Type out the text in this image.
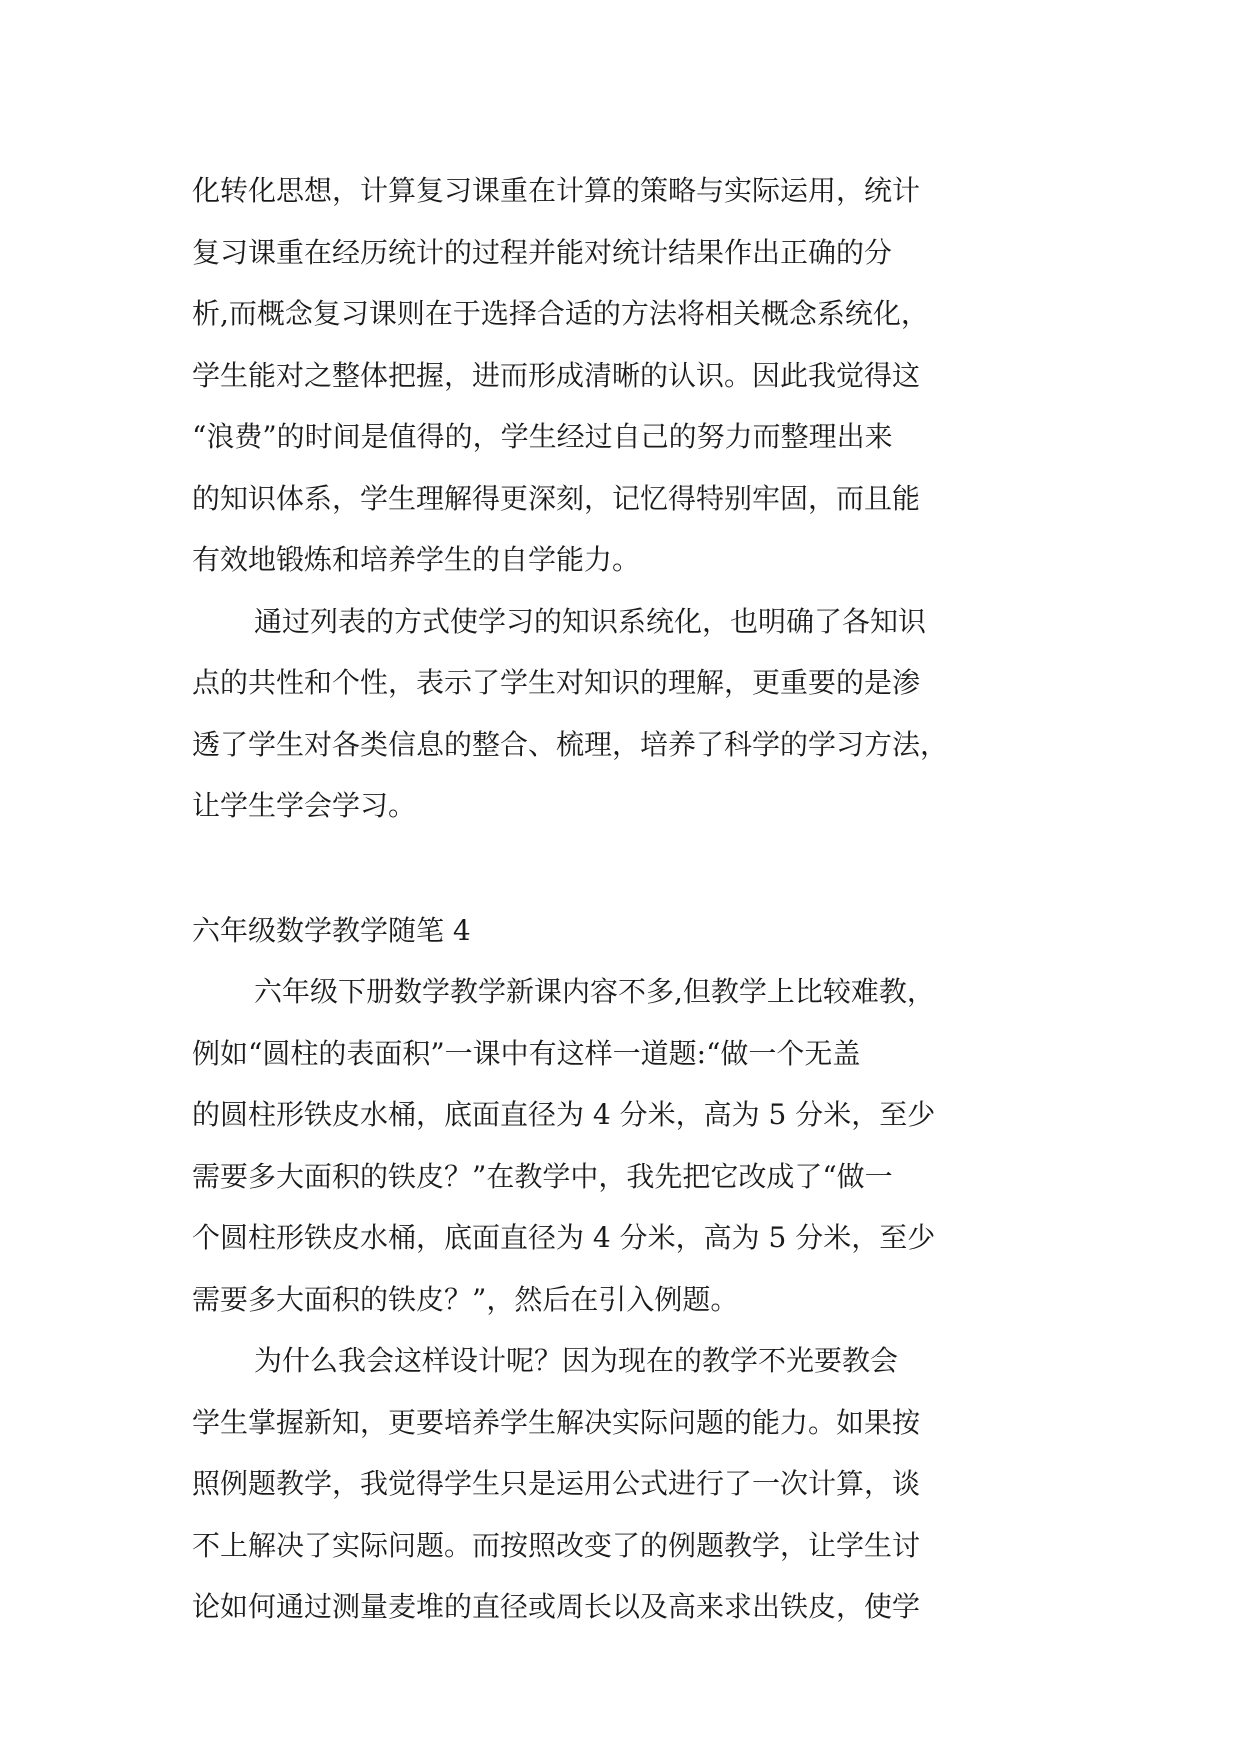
化转化思想，计算复习课重在计算的策略与实际运用，统计
复习课重在经历统计的过程并能对统计结果作出正确的分
析,而概念复习课则在于选择合适的方法将相关概念系统化，
学生能对之整体把握，进而形成清晰的认识。因此我觉得这
“浪费”的时间是值得的，学生经过自己的努力而整理出来
的知识体系，学生理解得更深刻，记忆得特别牢固，而且能
有效地锻炼和培养学生的自学能力。
通过列表的方式使学习的知识系统化，也明确了各知识
点的共性和个性，表示了学生对知识的理解，更重要的是渗
透了学生对各类信息的整合、梳理，培养了科学的学习方法，
让学生学会学习。
六年级数学教学随笔 4
六年级下册数学教学新课内容不多,但教学上比较难教，
例如“圆柱的表面积”一课中有这样一道题:“做一个无盖
的圆柱形铁皮水桶，底面直径为 4 分米，高为 5 分米，至少
需要多大面积的铁皮？”在教学中，我先把它改成了“做一
个圆柱形铁皮水桶，底面直径为 4 分米，高为 5 分米，至少
需要多大面积的铁皮？”，然后在引入例题。
为什么我会这样设计呢？因为现在的教学不光要教会
学生掌握新知，更要培养学生解决实际问题的能力。如果按
照例题教学，我觉得学生只是运用公式进行了一次计算，谈
不上解决了实际问题。而按照改变了的例题教学，让学生讨
论如何通过测量麦堆的直径或周长以及高来求出铁皮，使学
